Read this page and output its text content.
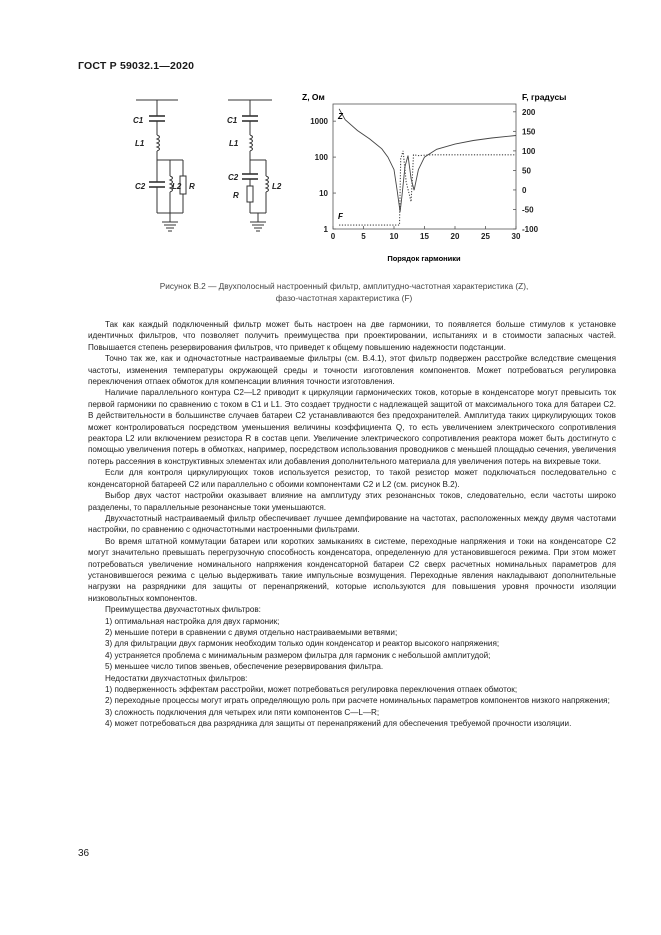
ГОСТ Р 59032.1—2020
C1
L1
C2	L2 R
C1
L1
C2
L2
R
Z, Ом	F, градусы
Порядок гармоники
0	5	10	15	20	25	30
1
10
100
1000
200
150
100
50
0
-50
-100
Z
F
Рисунок В.2 — Двухполосный настроенный фильтр, амплитудно-частотная характеристика (Z),
фазо-частотная характеристика (F)

Так как каждый подключенный фильтр может быть настроен на две гармоники, то появляется больше стимулов к установке идентичных фильтров, что позволяет получить преимущества при проектировании, испытаниях и в стоимости запасных частей. Повышается степень резервирования фильтров, что приведет к общему повышению надежности подстанции.

Точно так же, как и одночастотные настраиваемые фильтры (см. В.4.1), этот фильтр подвержен расстройке вследствие смещения частоты, изменения температуры окружающей среды и точности изготовления компонентов. Может потребоваться регулировка переключения отпаек обмоток для компенсации влияния точности изготовления.

Наличие параллельного контура C2—L2 приводит к циркуляции гармонических токов, которые в конденсаторе могут превысить ток первой гармоники по сравнению с током в C1 и L1. Это создает трудности с надлежащей защитой от максимального тока для батареи C2. В действительности в большинстве случаев батареи C2 устанавливаются без предохранителей. Амплитуда таких циркулирующих токов может контролироваться посредством уменьшения величины коэффициента Q, то есть увеличением электрического сопротивления реактора L2 или включением резистора R в состав цепи. Увеличение электрического сопротивления реактора может быть достигнуто с помощью увеличения потерь в обмотках, например, посредством использования проводников с меньшей площадью сечения, увеличения потерь рассеяния в конструктивных элементах или добавления дополнительного материала для увеличения потерь на вихревые токи.

Если для контроля циркулирующих токов используется резистор, то такой резистор может подключаться последовательно с конденсаторной батареей C2 или параллельно с обоими компонентами C2 и L2 (см. рисунок В.2).

Выбор двух частот настройки оказывает влияние на амплитуду этих резонансных токов, следовательно, если частоты широко разделены, то параллельные резонансные токи уменьшаются.

Двухчастотный настраиваемый фильтр обеспечивает лучшее демпфирование на частотах, расположенных между двумя частотами настройки, по сравнению с одночастотными настроенными фильтрами.

Во время штатной коммутации батареи или коротких замыканиях в системе, переходные напряжения и токи на конденсаторе C2 могут значительно превышать перегрузочную способность конденсатора, определенную для установившегося режима. При этом может потребоваться увеличение номинального напряжения конденсаторной батареи C2 сверх расчетных номинальных параметров для установившегося режима с целью выдерживать такие импульсные возмущения. Переходные явления накладывают дополнительные нагрузки на разрядники для защиты от перенапряжений, которые используются для повышения уровня прочности изоляции низковольтных компонентов.

Преимущества двухчастотных фильтров:

1) оптимальная настройка для двух гармоник;

2) меньшие потери в сравнении с двумя отдельно настраиваемыми ветвями;

3) для фильтрации двух гармоник необходим только один конденсатор и реактор высокого напряжения;

4) устраняется проблема с минимальным размером фильтра для гармоник с небольшой амплитудой;

5) меньшее число типов звеньев, обеспечение резервирования фильтра.

Недостатки двухчастотных фильтров:

1) подверженность эффектам расстройки, может потребоваться регулировка переключения отпаек обмоток;

2) переходные процессы могут играть определяющую роль при расчете номинальных параметров компонентов низкого напряжения;

3) сложность подключения для четырех или пяти компонентов C—L—R;

4) может потребоваться два разрядника для защиты от перенапряжений для обеспечения требуемой прочности изоляции.

36
